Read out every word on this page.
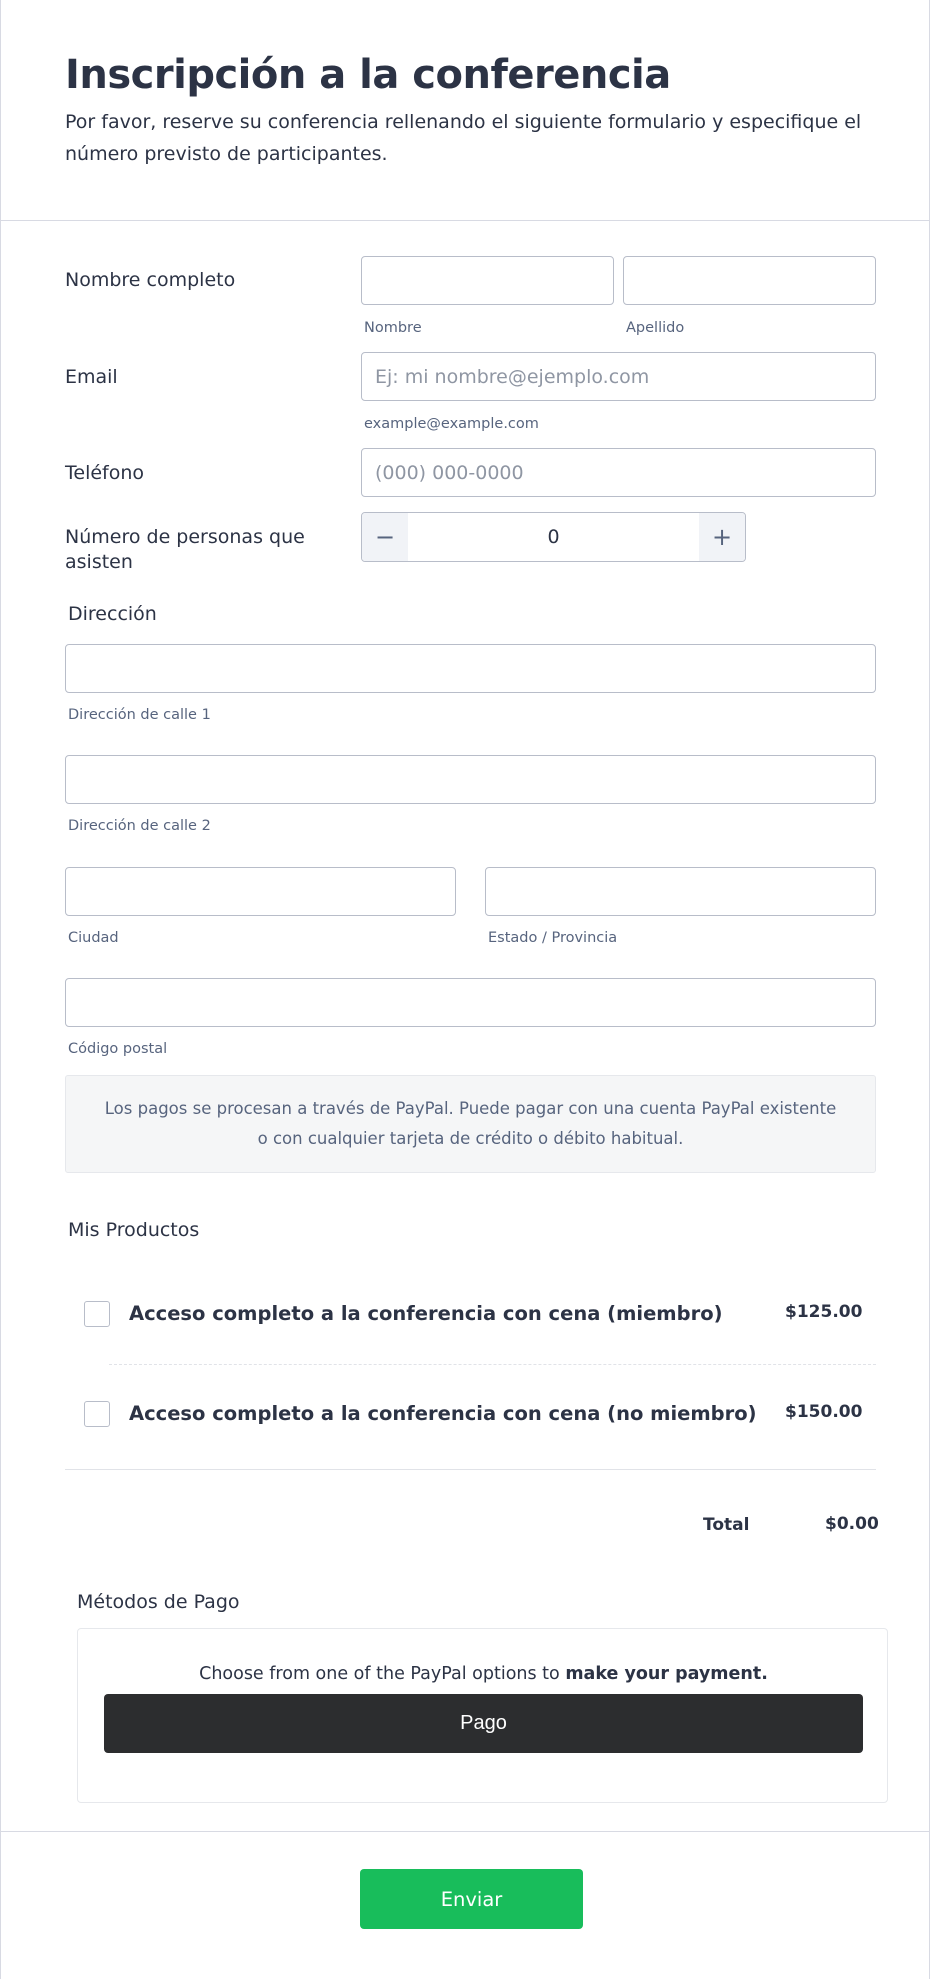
Inscripción a la conferencia
Por favor, reserve su conferencia rellenando el siguiente formulario y especifique el número previsto de participantes.
Nombre completo
Nombre	Apellido
Email	Ej: mi nombre@ejemplo.com
example@example.com
Teléfono	(000) 000-0000
Número de personas que asisten
−	0	+
Dirección
Dirección de calle 1
Dirección de calle 2
Ciudad	Estado / Provincia
Código postal
Los pagos se procesan a través de PayPal. Puede pagar con una cuenta PayPal existente o con cualquier tarjeta de crédito o débito habitual.
Mis Productos
Acceso completo a la conferencia con cena (miembro)	$125.00
Acceso completo a la conferencia con cena (no miembro) $150.00
Total	$0.00
Métodos de Pago
Choose from one of the PayPal options to make your payment.
Pago
Enviar
